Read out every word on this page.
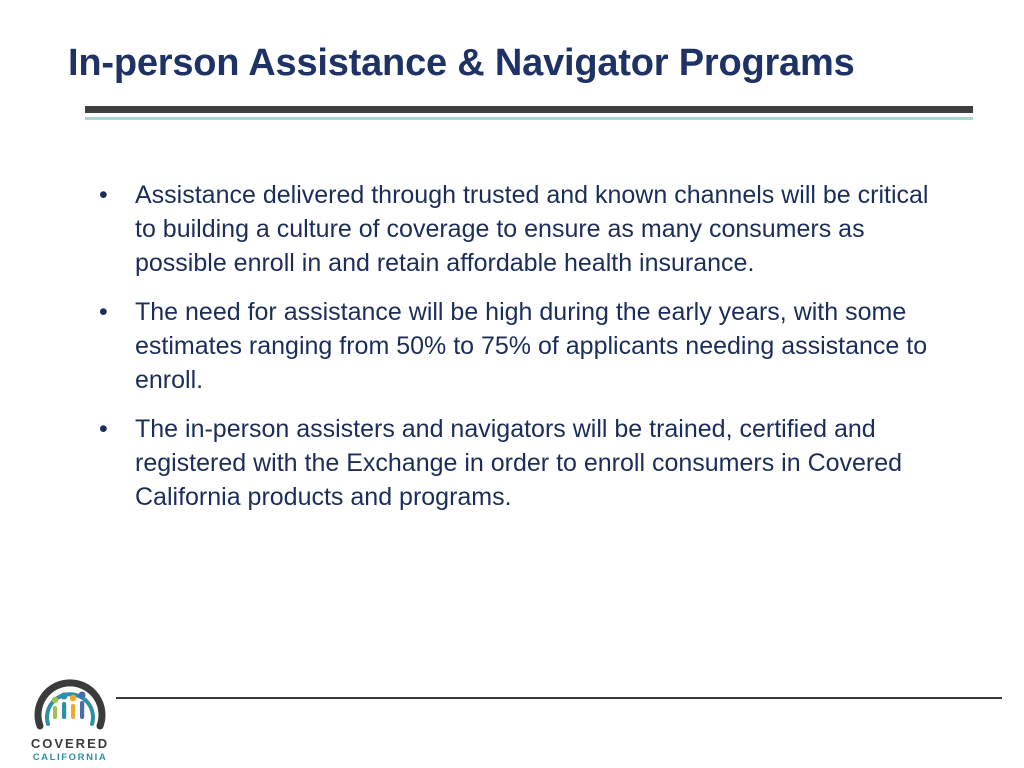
In-person Assistance & Navigator Programs
• Assistance delivered through trusted and known channels will be critical to building a culture of coverage to ensure as many consumers as possible enroll in and retain affordable health insurance.
• The need for assistance will be high during the early years, with some estimates ranging from 50% to 75% of applicants needing assistance to enroll.
• The in-person assisters and navigators will be trained, certified and registered with the Exchange in order to enroll consumers in Covered California products and programs.
COVERED
CALIFORNIA
